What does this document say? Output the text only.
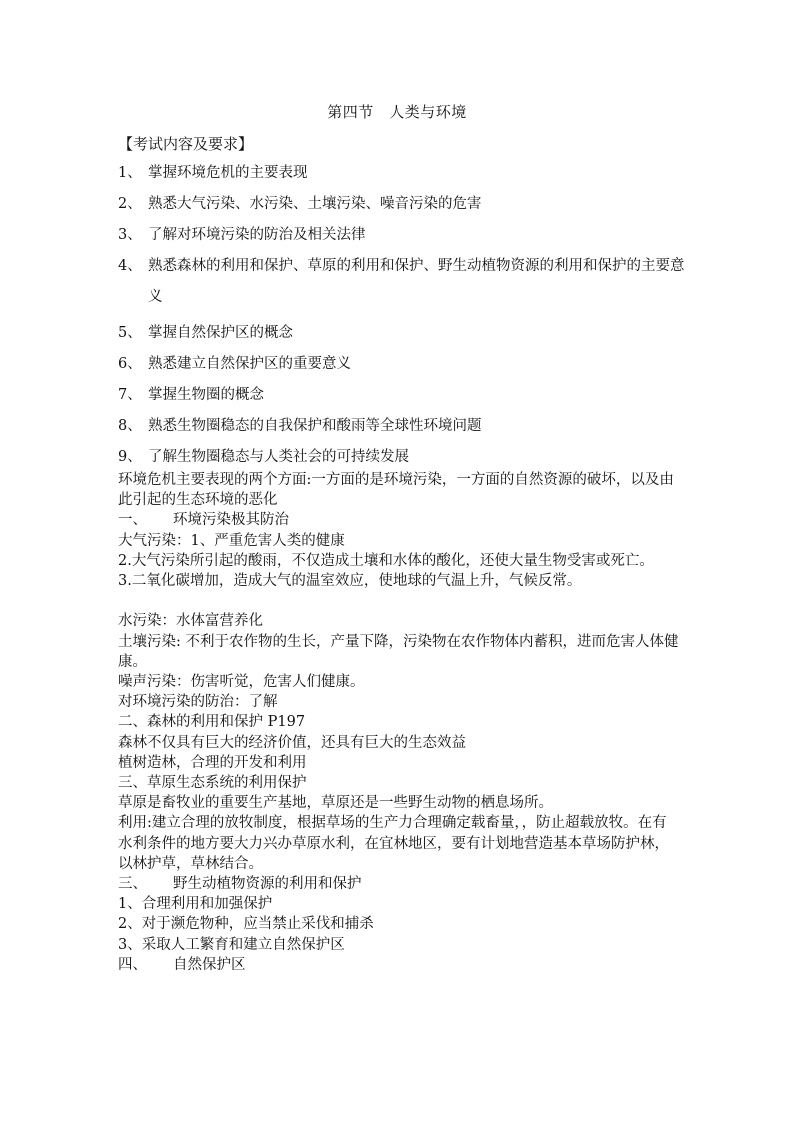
第四节　人类与环境
【考试内容及要求】
1、 掌握环境危机的主要表现
2、 熟悉大气污染、水污染、土壤污染、噪音污染的危害
3、 了解对环境污染的防治及相关法律
4、 熟悉森林的利用和保护、草原的利用和保护、野生动植物资源的利用和保护的主要意义
5、 掌握自然保护区的概念
6、 熟悉建立自然保护区的重要意义
7、 掌握生物圈的概念
8、 熟悉生物圈稳态的自我保护和酸雨等全球性环境问题
9、 了解生物圈稳态与人类社会的可持续发展

环境危机主要表现的两个方面:一方面的是环境污染，一方面的自然资源的破坏，以及由此引起的生态环境的恶化

一、 环境污染极其防治

大气污染：1、严重危害人类的健康

2.大气污染所引起的酸雨，不仅造成土壤和水体的酸化，还使大量生物受害或死亡。

3.二氧化碳增加，造成大气的温室效应，使地球的气温上升，气候反常。

水污染：水体富营养化

土壤污染: 不利于农作物的生长，产量下降，污染物在农作物体内蓄积，进而危害人体健康。

噪声污染：伤害听觉，危害人们健康。

对环境污染的防治：了解

二、森林的利用和保护 P197

森林不仅具有巨大的经济价值，还具有巨大的生态效益

植树造林，合理的开发和利用

三、草原生态系统的利用保护

草原是畜牧业的重要生产基地，草原还是一些野生动物的栖息场所。

利用:建立合理的放牧制度，根据草场的生产力合理确定载畜量，，防止超载放牧。在有水利条件的地方要大力兴办草原水利，在宜林地区，要有计划地营造基本草场防护林，以林护草，草林结合。

三、 野生动植物资源的利用和保护

1、合理利用和加强保护

2、对于濒危物种，应当禁止采伐和捕杀

3、采取人工繁育和建立自然保护区

四、 自然保护区
